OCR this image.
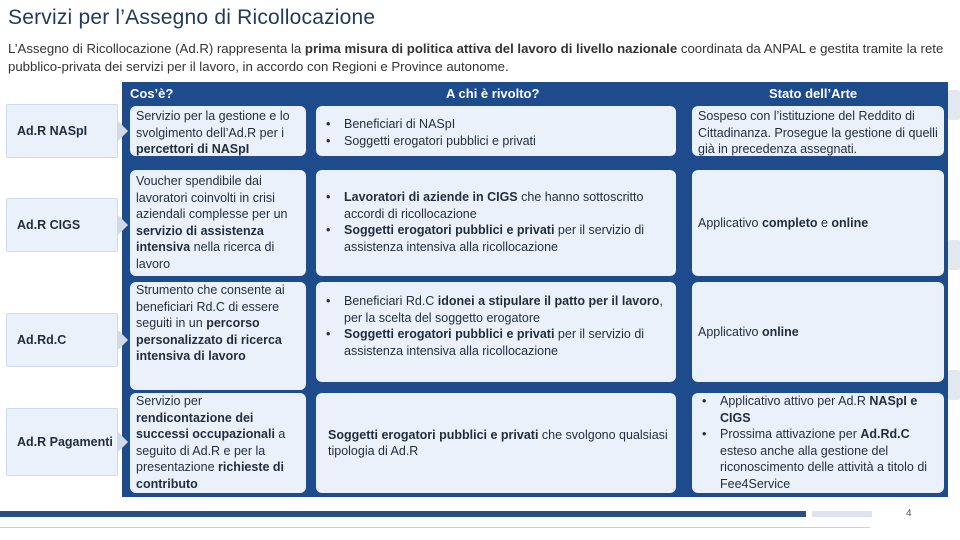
Servizi per l’Assegno di Ricollocazione
L’Assegno di Ricollocazione (Ad.R) rappresenta la prima misura di politica attiva del lavoro di livello nazionale coordinata da ANPAL e gestita tramite la rete pubblico-privata dei servizi per il lavoro, in accordo con Regioni e Province autonome.
Cos’è?	A chi è rivolto?	Stato dell’Arte
Ad.R NASpI
Ad.R CIGS
Ad.Rd.C
Ad.R Pagamenti
Servizio per la gestione e lo svolgimento dell’Ad.R per i percettori di NASpI
• Beneficiari di NASpI
• Soggetti erogatori pubblici e privati
Sospeso con l’istituzione del Reddito di Cittadinanza. Prosegue la gestione di quelli già in precedenza assegnati.
Voucher spendibile dai lavoratori coinvolti in crisi aziendali complesse per un servizio di assistenza intensiva nella ricerca di lavoro
• Lavoratori di aziende in CIGS che hanno sottoscritto accordi di ricollocazione
• Soggetti erogatori pubblici e privati per il servizio di assistenza intensiva alla ricollocazione
Applicativo completo e online
Strumento che consente ai beneficiari Rd.C di essere seguiti in un percorso personalizzato di ricerca intensiva di lavoro
• Beneficiari Rd.C idonei a stipulare il patto per il lavoro, per la scelta del soggetto erogatore
• Soggetti erogatori pubblici e privati per il servizio di assistenza intensiva alla ricollocazione
Applicativo online
Servizio per rendicontazione dei successi occupazionali a seguito di Ad.R e per la presentazione richieste di contributo
Soggetti erogatori pubblici e privati che svolgono qualsiasi tipologia di Ad.R
• Applicativo attivo per Ad.R NASpI e CIGS
• Prossima attivazione per Ad.Rd.C esteso anche alla gestione del riconoscimento delle attività a titolo di Fee4Service
4
